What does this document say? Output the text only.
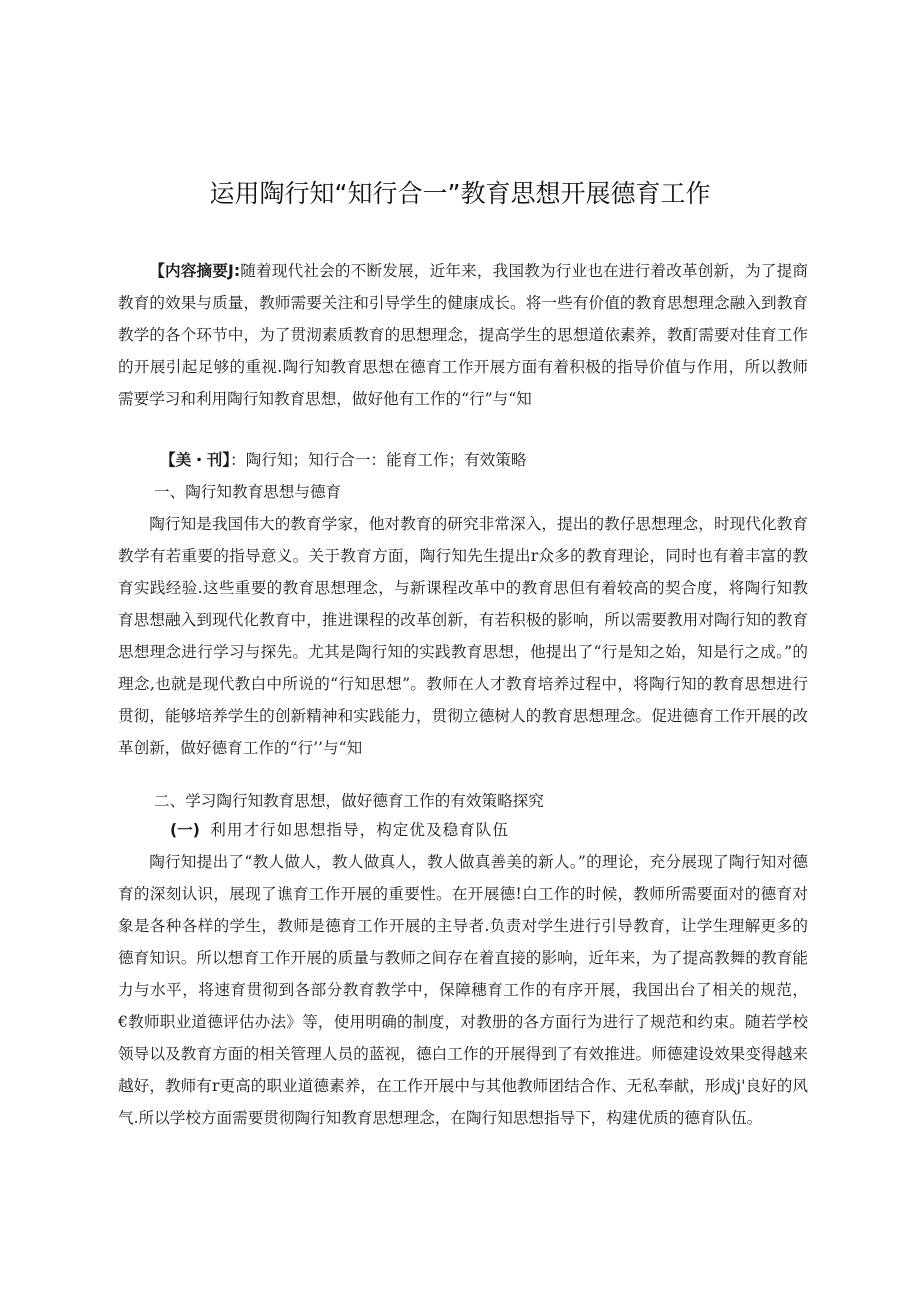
运用陶行知“知行合一”教育思想开展德育工作

【内容摘要J:随着现代社会的不断发展，近年来，我国教为行业也在进行着改革创新，为了提商教育的效果与质量，教师需要关注和引导学生的健康成长。将一些有价值的教育思想理念融入到教育教学的各个环节中，为了贯沏素质教育的思想理念，提高学生的思想道依素养，教酊需要对佳育工作的开展引起足够的重视.陶行知教育思想在德育工作开展方面有着积极的指导价值与作用，所以教师需要学习和利用陶行知教育思想，做好他有工作的“行”与“知

【美・刊】：陶行知；知行合一：能育工作；有效策略

一、陶行知教育思想与德育

陶行知是我国伟大的教育学家，他对教育的研究非常深入，提出的教仔思想理念，时现代化教育教学有若重要的指导意义。关于教育方面，陶行知先生提出r众多的教育理论，同时也有着丰富的教育实践经验.这些重要的教育思想理念，与新课程改革中的教育思但有着较高的契合度，将陶行知教育思想融入到现代化教育中，推进课程的改革创新，有若积极的影响，所以需要教用对陶行知的教育思想理念进行学习与探先。尤其是陶行知的实践教育思想，他提出了“行是知之始，知是行之成。”的理念,也就是现代教白中所说的“行知思想”。教师在人才教育培养过程中，将陶行知的教育思想进行贯彻，能够培养学生的创新精神和实践能力，贯彻立德树人的教育思想理念。促进德育工作开展的改革创新，做好德育工作的“行’’与“知

二、学习陶行知教育思想，做好德育工作的有效策略探究

(一) 利用才行如思想指导，构定优及稳育队伍

陶行知提出了“教人做人，教人做真人，教人做真善美的新人。”的理论，充分展现了陶行知对德育的深刻认识，展现了谯育工作开展的重要性。在开展德!白工作的时候，教师所需要面对的德育对象是各种各样的学生，教师是德育工作开展的主导者.负责对学生进行引导教育，让学生理解更多的德育知识。所以想育工作开展的质量与教师之间存在着直接的影响，近年来，为了提高教舞的教育能力与水平，将速育贯彻到各部分教育教学中，保障穗育工作的有序开展，我国出台了相关的规范，€教师职业道德评估办法》等，使用明确的制度，对教册的各方面行为进行了规范和约束。随若学校领导以及教育方面的相关管理人员的蓝视，德白工作的开展得到了有效推进。师德建设效果变得越来越好，教师有r更高的职业道德素养，在工作开展中与其他教师团结合作、无私奉献，形成j'良好的风气.所以学校方面需要贯彻陶行知教育思想理念，在陶行知思想指导下，构建优质的德育队伍。
